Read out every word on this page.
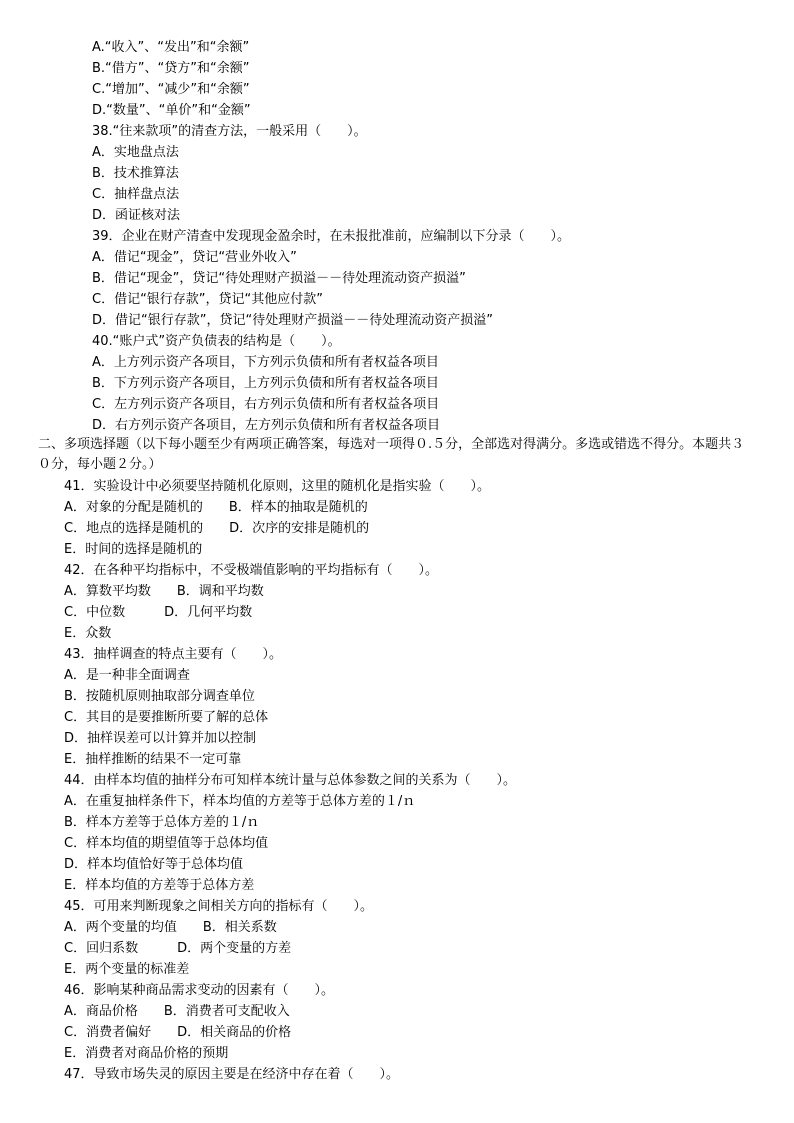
A.“收入”、“发出”和“余额”
B.“借方”、“贷方”和“余额”
C.“增加”、“减少”和“余额”
D.“数量”、“单价”和“金额”
38.“往来款项”的清查方法，一般采用（　　）。
A．实地盘点法
B．技术推算法
C．抽样盘点法
D．函证核对法
39．企业在财产清查中发现现金盈余时，在未报批准前，应编制以下分录（　　）。
A．借记“现金”，贷记“营业外收入”
B．借记“现金”，贷记“待处理财产损溢－－待处理流动资产损溢”
C．借记“银行存款”，贷记“其他应付款”
D．借记“银行存款”，贷记“待处理财产损溢－－待处理流动资产损溢”
40.“账户式”资产负债表的结构是（　　）。
A．上方列示资产各项目，下方列示负债和所有者权益各项目
B．下方列示资产各项目，上方列示负债和所有者权益各项目
C．左方列示资产各项目，右方列示负债和所有者权益各项目
D．右方列示资产各项目，左方列示负债和所有者权益各项目
二、多项选择题（以下每小题至少有两项正确答案，每选对一项得０.５分，全部选对得满分。多选或错选不得分。本题共３０分，每小题２分。）
41．实验设计中必须要坚持随机化原则，这里的随机化是指实验（　　）。
A．对象的分配是随机的　　B．样本的抽取是随机的
C．地点的选择是随机的　　D．次序的安排是随机的
E．时间的选择是随机的
42．在各种平均指标中，不受极端值影响的平均指标有（　　）。
A．算数平均数　　B．调和平均数
C．中位数　　　D．几何平均数
E．众数
43．抽样调查的特点主要有（　　）。
A．是一种非全面调查
B．按随机原则抽取部分调查单位
C．其目的是要推断所要了解的总体
D．抽样误差可以计算并加以控制
E．抽样推断的结果不一定可靠
44．由样本均值的抽样分布可知样本统计量与总体参数之间的关系为（　　）。
A．在重复抽样条件下，样本均值的方差等于总体方差的１/ｎ
B．样本方差等于总体方差的１/ｎ
C．样本均值的期望值等于总体均值
D．样本均值恰好等于总体均值
E．样本均值的方差等于总体方差
45．可用来判断现象之间相关方向的指标有（　　）。
A．两个变量的均值　　B．相关系数
C．回归系数　　　D．两个变量的方差
E．两个变量的标准差
46．影响某种商品需求变动的因素有（　　）。
A．商品价格　　B．消费者可支配收入
C．消费者偏好　　D．相关商品的价格
E．消费者对商品价格的预期
47．导致市场失灵的原因主要是在经济中存在着（　　）。
